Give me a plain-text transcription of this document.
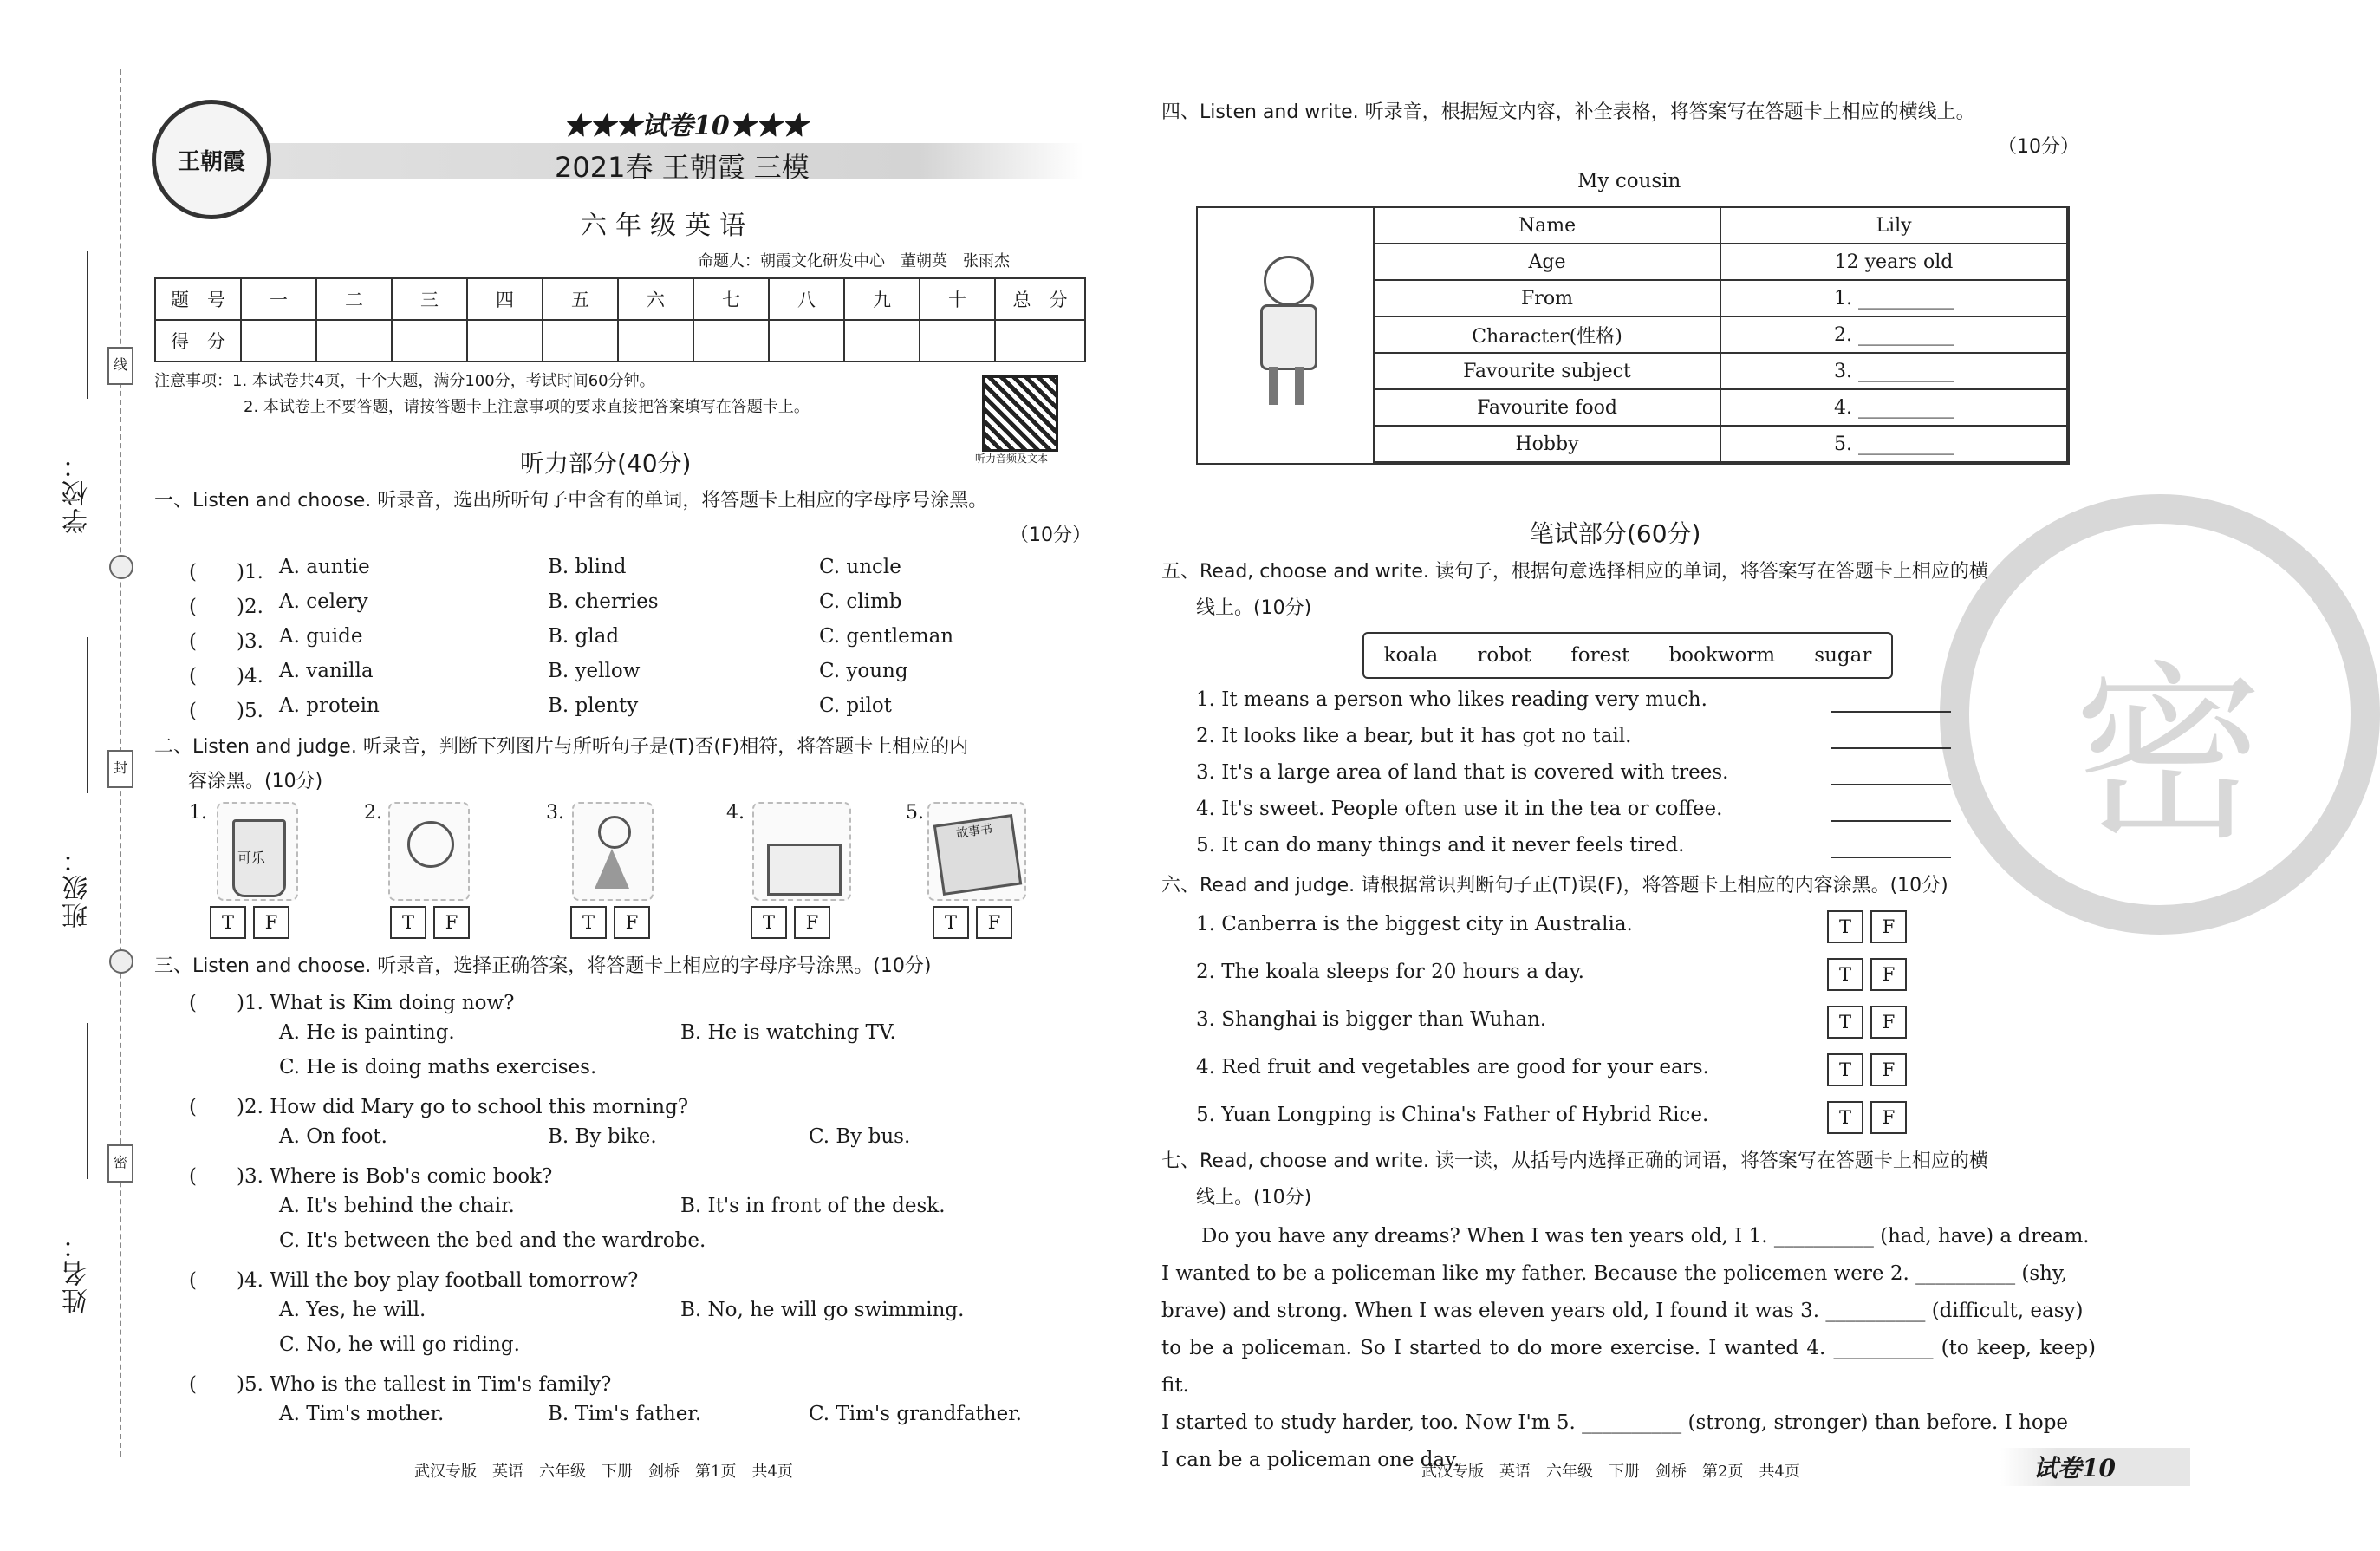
学校：
班级：
姓名：
线
封
密
王朝霞
★★★试卷10★★★
2021春 王朝霞 三模
六年级英语
命题人：朝霞文化研发中心　董朝英　张雨杰
题　号	一	二	三	四	五	六	七	八	九	十	总　分
得　分											
注意事项：1. 本试卷共4页，十个大题，满分100分，考试时间60分钟。
2. 本试卷上不要答题，请按答题卡上注意事项的要求直接把答案填写在答题卡上。
听力音频及文本
听力部分(40分)
一、Listen and choose. 听录音，选出所听句子中含有的单词，将答题卡上相应的字母序号涂黑。
（10分）
(　　)1. A. auntie	B. blind	C. uncle
(　　)2. A. celery	B. cherries	C. climb
(　　)3. A. guide	B. glad	C. gentleman
(　　)4. A. vanilla	B. yellow	C. young
(　　)5. A. protein	B. plenty	C. pilot
二、Listen and judge. 听录音，判断下列图片与所听句子是(T)否(F)相符，将答题卡上相应的内
容涂黑。(10分)
1.
可乐
2.	3.	4.	5.
故事书
T	F	T	F	T	F	T	F	T	F
三、Listen and choose. 听录音，选择正确答案，将答题卡上相应的字母序号涂黑。(10分)
(　　)1. What is Kim doing now?
A. He is painting.	B. He is watching TV.
C. He is doing maths exercises.
(　　)2. How did Mary go to school this morning?
A. On foot.	B. By bike.	C. By bus.
(　　)3. Where is Bob's comic book?
A. It's behind the chair.	B. It's in front of the desk.
C. It's between the bed and the wardrobe.
(　　)4. Will the boy play football tomorrow?
A. Yes, he will.	B. No, he will go swimming.
C. No, he will go riding.
(　　)5. Who is the tallest in Tim's family?
A. Tim's mother.	B. Tim's father.	C. Tim's grandfather.
武汉专版　英语　六年级　下册　剑桥　第1页　共4页
密
四、Listen and write. 听录音，根据短文内容，补全表格，将答案写在答题卡上相应的横线上。
（10分）
My cousin
Name	Lily
Age	12 years old
From	1. __________
Character(性格)	2. __________
Favourite subject	3. __________
Favourite food	4. __________
Hobby	5. __________
笔试部分(60分)
五、Read, choose and write. 读句子，根据句意选择相应的单词，将答案写在答题卡上相应的横
线上。(10分)
koala robot forest bookworm sugar
1. It means a person who likes reading very much.
2. It looks like a bear, but it has got no tail.
3. It's a large area of land that is covered with trees.
4. It's sweet. People often use it in the tea or coffee.
5. It can do many things and it never feels tired.
六、Read and judge. 请根据常识判断句子正(T)误(F)，将答题卡上相应的内容涂黑。(10分)
1. Canberra is the biggest city in Australia.
2. The koala sleeps for 20 hours a day.
3. Shanghai is bigger than Wuhan.
4. Red fruit and vegetables are good for your ears.
5. Yuan Longping is China's Father of Hybrid Rice.
T	F
T	F
T	F
T	F
T	F
七、Read, choose and write. 读一读，从括号内选择正确的词语，将答案写在答题卡上相应的横
线上。(10分)

　　Do you have any dreams? When I was ten years old, I 1. __________ (had, have) a dream.

I wanted to be a policeman like my father. Because the policemen were 2. __________ (shy,

brave) and strong. When I was eleven years old, I found it was 3. __________ (difficult, easy)

to be a policeman. So I started to do more exercise. I wanted 4. __________ (to keep, keep) fit.

I started to study harder, too. Now I'm 5. __________ (strong, stronger) than before. I hope

I can be a policeman one day.

武汉专版　英语　六年级　下册　剑桥　第2页　共4页	试卷10
